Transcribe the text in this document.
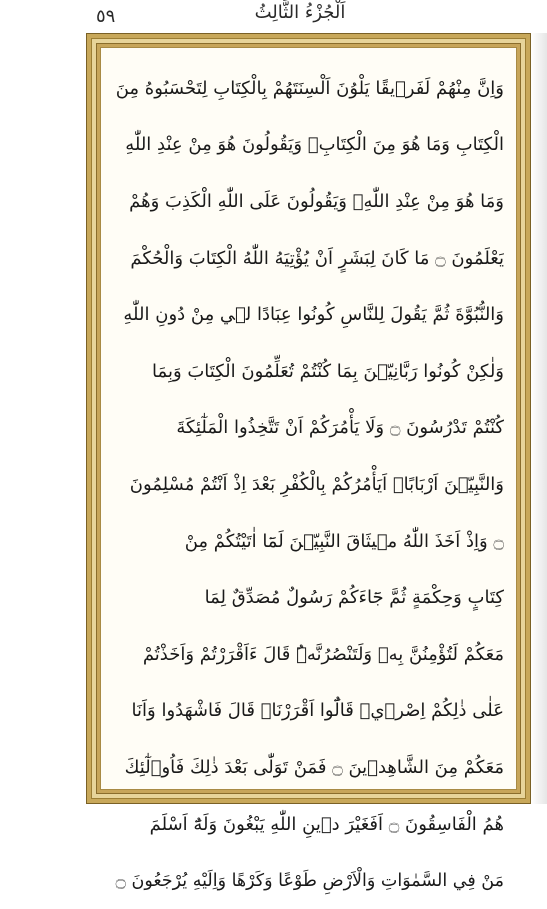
٥٩	اَلْجُزْءُ الثَّالِثُ
وَاِنَّ مِنْهُمْ لَفَر۪يقًا يَلْوُنَ اَلْسِنَتَهُمْ بِالْكِتَابِ لِتَحْسَبُوهُ مِنَ
الْكِتَابِ وَمَا هُوَ مِنَ الْكِتَابِۚ وَيَقُولُونَ هُوَ مِنْ عِنْدِ اللّٰهِ
وَمَا هُوَ مِنْ عِنْدِ اللّٰهِۚ وَيَقُولُونَ عَلَى اللّٰهِ الْكَذِبَ وَهُمْ
يَعْلَمُونَ ۝ مَا كَانَ لِبَشَرٍ اَنْ يُؤْتِيَهُ اللّٰهُ الْكِتَابَ وَالْحُكْمَ
وَالنُّبُوَّةَ ثُمَّ يَقُولَ لِلنَّاسِ كُونُوا عِبَادًا ل۪ي مِنْ دُونِ اللّٰهِ
وَلٰكِنْ كُونُوا رَبَّانِيّ۪نَ بِمَا كُنْتُمْ تُعَلِّمُونَ الْكِتَابَ وَبِمَا
كُنْتُمْ تَدْرُسُونَ ۝ وَلَا يَأْمُرَكُمْ اَنْ تَتَّخِذُوا الْمَلٰٓئِكَةَ
وَالنَّبِيّ۪نَ اَرْبَابًاۜ اَيَأْمُرُكُمْ بِالْكُفْرِ بَعْدَ اِذْ اَنْتُمْ مُسْلِمُونَ
۝ وَاِذْ اَخَذَ اللّٰهُ م۪يثَاقَ النَّبِيّ۪نَ لَمَٓا اٰتَيْتُكُمْ مِنْ
كِتَابٍ وَحِكْمَةٍ ثُمَّ جَٓاءَكُمْ رَسُولٌ مُصَدِّقٌ لِمَا
مَعَكُمْ لَتُؤْمِنُنَّ بِه۪ وَلَتَنْصُرُنَّهُۜ قَالَ ءَاَقْرَرْتُمْ وَاَخَذْتُمْ
عَلٰى ذٰلِكُمْ اِصْر۪يۜ قَالُٓوا اَقْرَرْنَاۜ قَالَ فَاشْهَدُوا وَاَنَا
مَعَكُمْ مِنَ الشَّاهِد۪ينَ ۝ فَمَنْ تَوَلّٰى بَعْدَ ذٰلِكَ فَاُو۬لٰٓئِكَ
هُمُ الْفَاسِقُونَ ۝ اَفَغَيْرَ د۪ينِ اللّٰهِ يَبْغُونَ وَلَهُٓ اَسْلَمَ
مَنْ فِي السَّمٰوَاتِ وَالْاَرْضِ طَوْعًا وَكَرْهًا وَاِلَيْهِ يُرْجَعُونَ ۝
